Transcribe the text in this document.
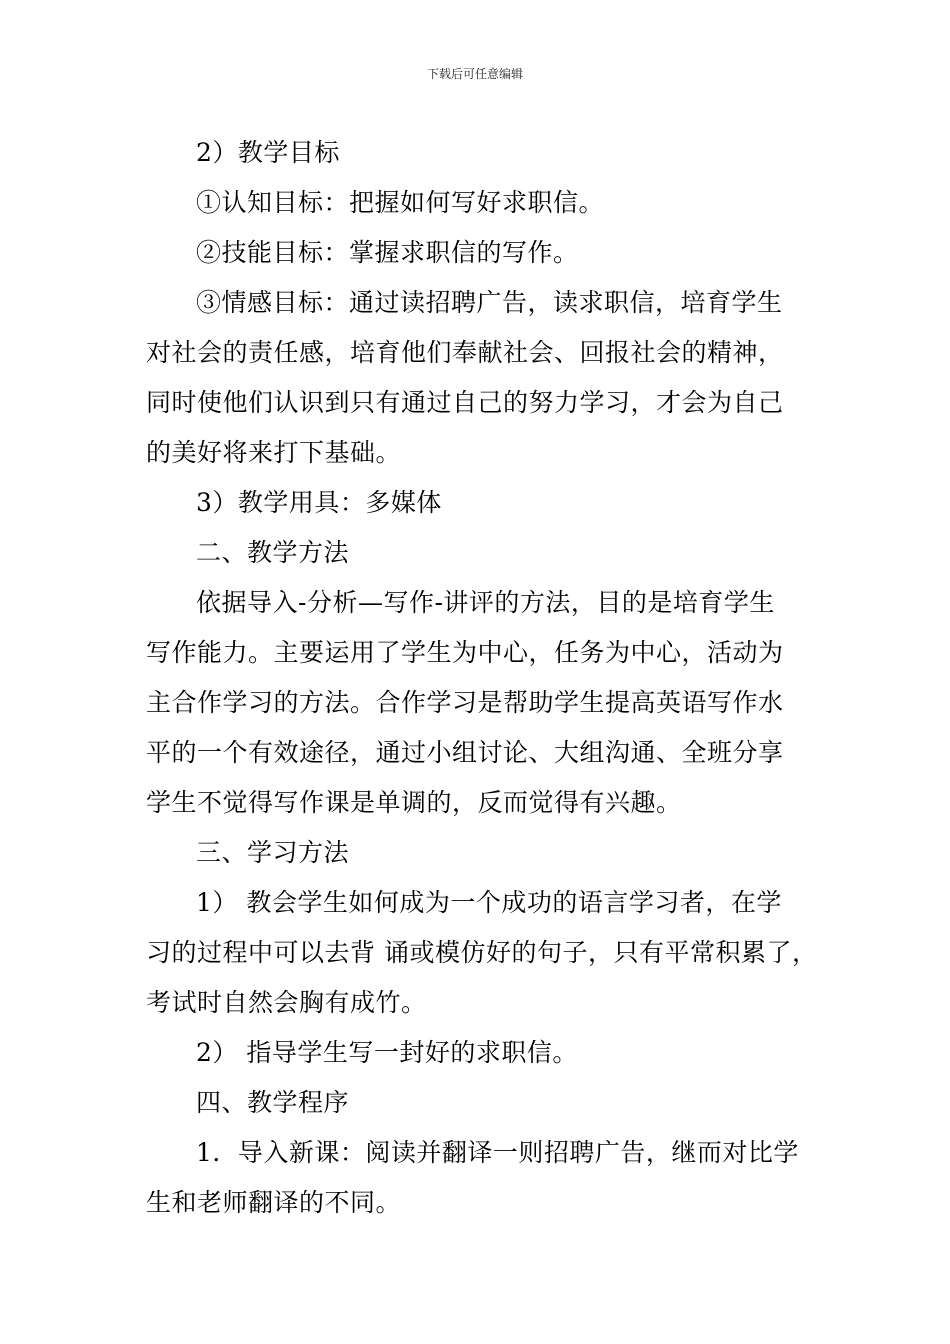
下载后可任意编辑

2）教学目标

①认知目标：把握如何写好求职信。

②技能目标：掌握求职信的写作。

③情感目标：通过读招聘广告，读求职信，培育学生

对社会的责任感，培育他们奉献社会、回报社会的精神，

同时使他们认识到只有通过自己的努力学习，才会为自己

的美好将来打下基础。

3）教学用具：多媒体

二、教学方法

依据导入-分析—写作-讲评的方法，目的是培育学生

写作能力。主要运用了学生为中心，任务为中心，活动为

主合作学习的方法。合作学习是帮助学生提高英语写作水

平的一个有效途径，通过小组讨论、大组沟通、全班分享

学生不觉得写作课是单调的，反而觉得有兴趣。

三、学习方法

1） 教会学生如何成为一个成功的语言学习者，在学

习的过程中可以去背 诵或模仿好的句子，只有平常积累了，

考试时自然会胸有成竹。

2） 指导学生写一封好的求职信。

四、教学程序

1．导入新课：阅读并翻译一则招聘广告，继而对比学

生和老师翻译的不同。
